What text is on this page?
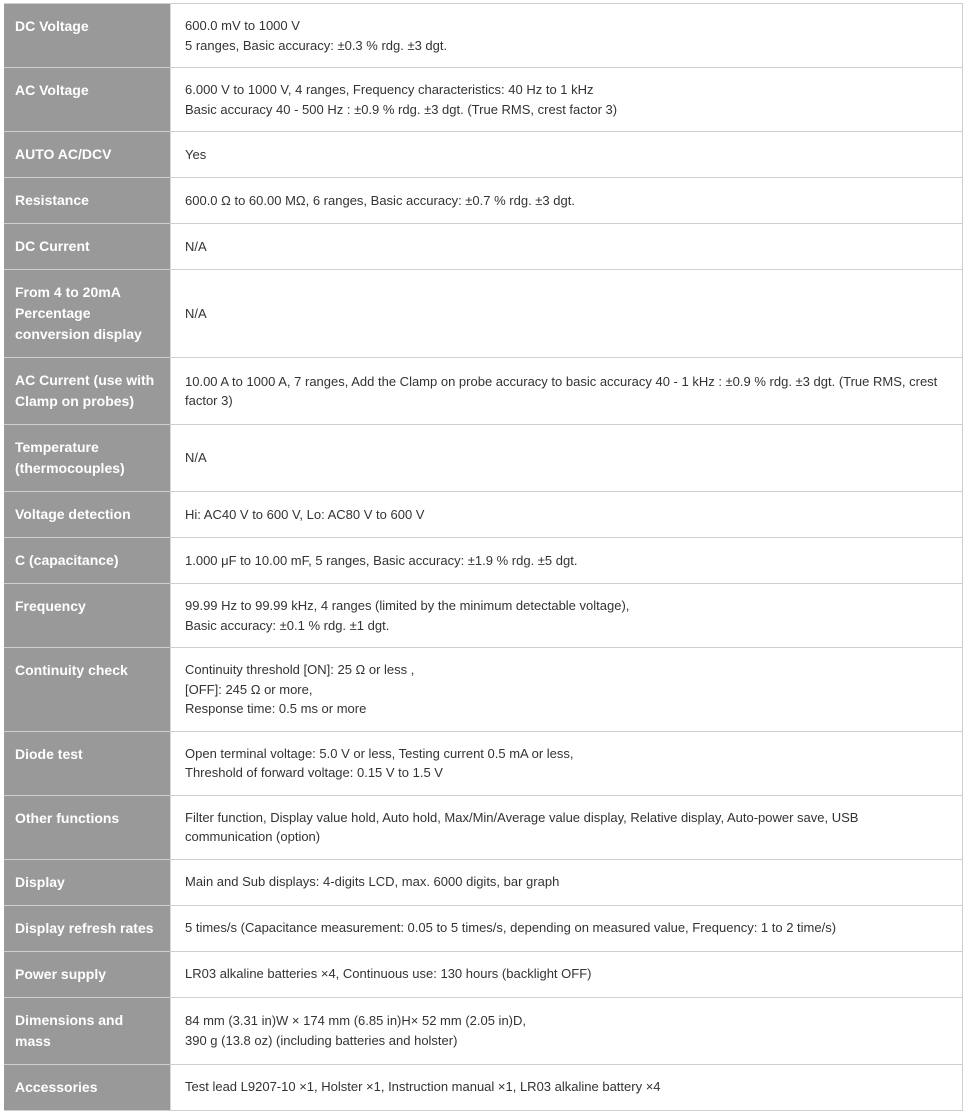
DC Voltage	600.0 mV to 1000 V
5 ranges, Basic accuracy: ±0.3 % rdg. ±3 dgt.

AC Voltage	6.000 V to 1000 V, 4 ranges, Frequency characteristics: 40 Hz to 1 kHz
Basic accuracy 40 - 500 Hz : ±0.9 % rdg. ±3 dgt. (True RMS, crest factor 3)

AUTO AC/DCV	Yes

Resistance	600.0 Ω to 60.00 MΩ, 6 ranges, Basic accuracy: ±0.7 % rdg. ±3 dgt.

DC Current	N/A

From 4 to 20mA Percentage conversion display	N/A

AC Current (use with Clamp on probes)	10.00 A to 1000 A, 7 ranges, Add the Clamp on probe accuracy to basic accuracy 40 - 1 kHz : ±0.9 % rdg. ±3 dgt. (True RMS, crest factor 3)

Temperature (thermocouples)	N/A

Voltage detection	Hi: AC40 V to 600 V, Lo: AC80 V to 600 V

C (capacitance)	1.000 μF to 10.00 mF, 5 ranges, Basic accuracy: ±1.9 % rdg. ±5 dgt.

Frequency	99.99 Hz to 99.99 kHz, 4 ranges (limited by the minimum detectable voltage),
Basic accuracy: ±0.1 % rdg. ±1 dgt.

Continuity check	Continuity threshold [ON]: 25 Ω or less ,
[OFF]: 245 Ω or more,
Response time: 0.5 ms or more

Diode test	Open terminal voltage: 5.0 V or less, Testing current 0.5 mA or less,
Threshold of forward voltage: 0.15 V to 1.5 V

Other functions	Filter function, Display value hold, Auto hold, Max/Min/Average value display, Relative display, Auto-power save, USB communication (option)

Display	Main and Sub displays: 4-digits LCD, max. 6000 digits, bar graph

Display refresh rates	5 times/s (Capacitance measurement: 0.05 to 5 times/s, depending on measured value, Frequency: 1 to 2 time/s)

Power supply	LR03 alkaline batteries ×4, Continuous use: 130 hours (backlight OFF)

Dimensions and mass	84 mm (3.31 in)W × 174 mm (6.85 in)H× 52 mm (2.05 in)D,
390 g (13.8 oz) (including batteries and holster)

Accessories	Test lead L9207-10 ×1, Holster ×1, Instruction manual ×1, LR03 alkaline battery ×4
